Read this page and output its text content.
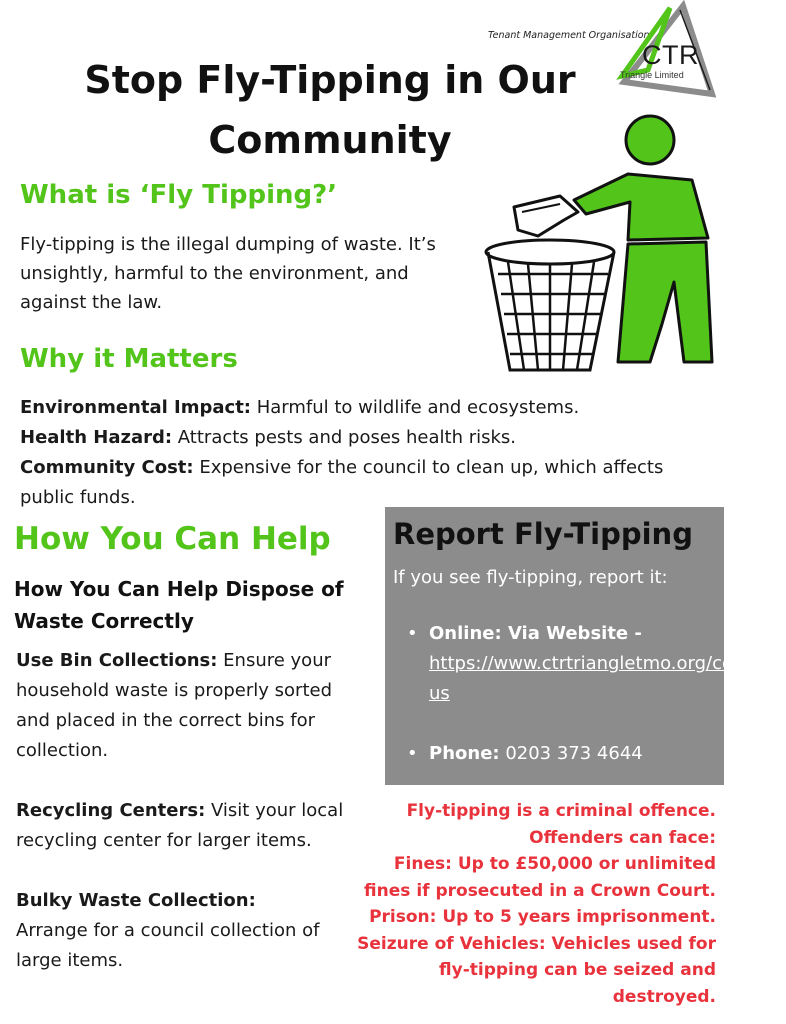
Tenant Management Organisation
CTR
Triangle Limited
Stop Fly-Tipping in Our
Community
What is ‘Fly Tipping?’

Fly-tipping is the illegal dumping of waste. It’s unsightly, harmful to the environment, and against the law.

Why it Matters

Environmental Impact: Harmful to wildlife and ecosystems.

Health Hazard: Attracts pests and poses health risks.

Community Cost: Expensive for the council to clean up, which affects public funds.

How You Can Help
How You Can Help Dispose of Waste Correctly

Use Bin Collections: Ensure your household waste is properly sorted and placed in the correct bins for collection.

Recycling Centers: Visit your local recycling center for larger items.

Bulky Waste Collection:
Arrange for a council collection of large items.

Report Fly-Tipping
If you see fly-tipping, report it:
• Online: Via Website - https://www.ctrtriangletmo.org/contact-us
• Phone: 0203 373 4644
Fly-tipping is a criminal offence.
Offenders can face:
Fines: Up to £50,000 or unlimited
fines if prosecuted in a Crown Court.
Prison: Up to 5 years imprisonment.
Seizure of Vehicles: Vehicles used for
fly-tipping can be seized and
destroyed.
